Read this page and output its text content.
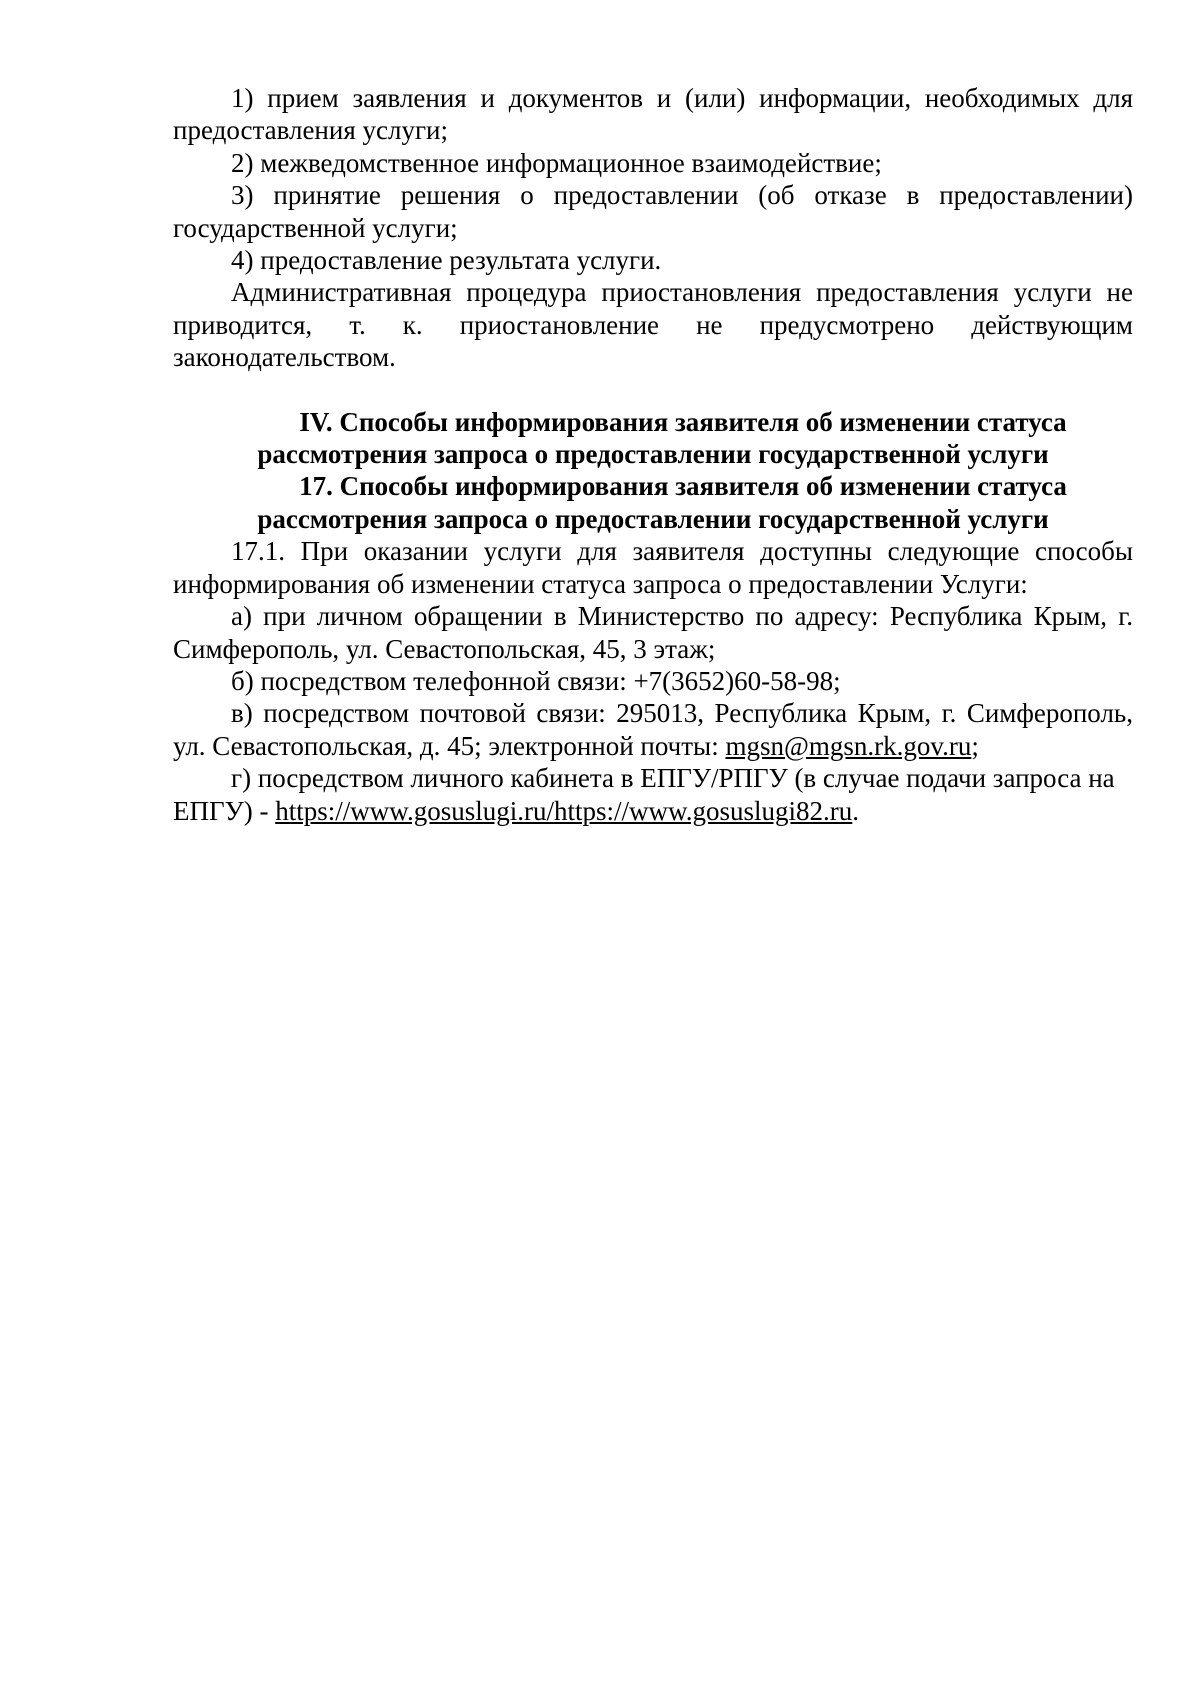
1) прием заявления и документов и (или) информации, необходимых для предоставления услуги;

2) межведомственное информационное взаимодействие;

3) принятие решения о предоставлении (об отказе в предоставлении) государственной услуги;

4) предоставление результата услуги.

Административная процедура приостановления предоставления услуги не приводится, т. к. приостановление не предусмотрено действующим законодательством.

IV. Способы информирования заявителя об изменении статуса
рассмотрения запроса о предоставлении государственной услуги
17. Способы информирования заявителя об изменении статуса
рассмотрения запроса о предоставлении государственной услуги

17.1. При оказании услуги для заявителя доступны следующие способы информирования об изменении статуса запроса о предоставлении Услуги:

а) при личном обращении в Министерство по адресу: Республика Крым, г. Симферополь, ул. Севастопольская, 45, 3 этаж;

б) посредством телефонной связи: +7(3652)60-58-98;

в) посредством почтовой связи: 295013, Республика Крым, г. Симферополь, ул. Севастопольская, д. 45; электронной почты: mgsn@mgsn.rk.gov.ru;

г) посредством личного кабинета в ЕПГУ/РПГУ (в случае подачи запроса на ЕПГУ) - https://www.gosuslugi.ru/https://www.gosuslugi82.ru.
